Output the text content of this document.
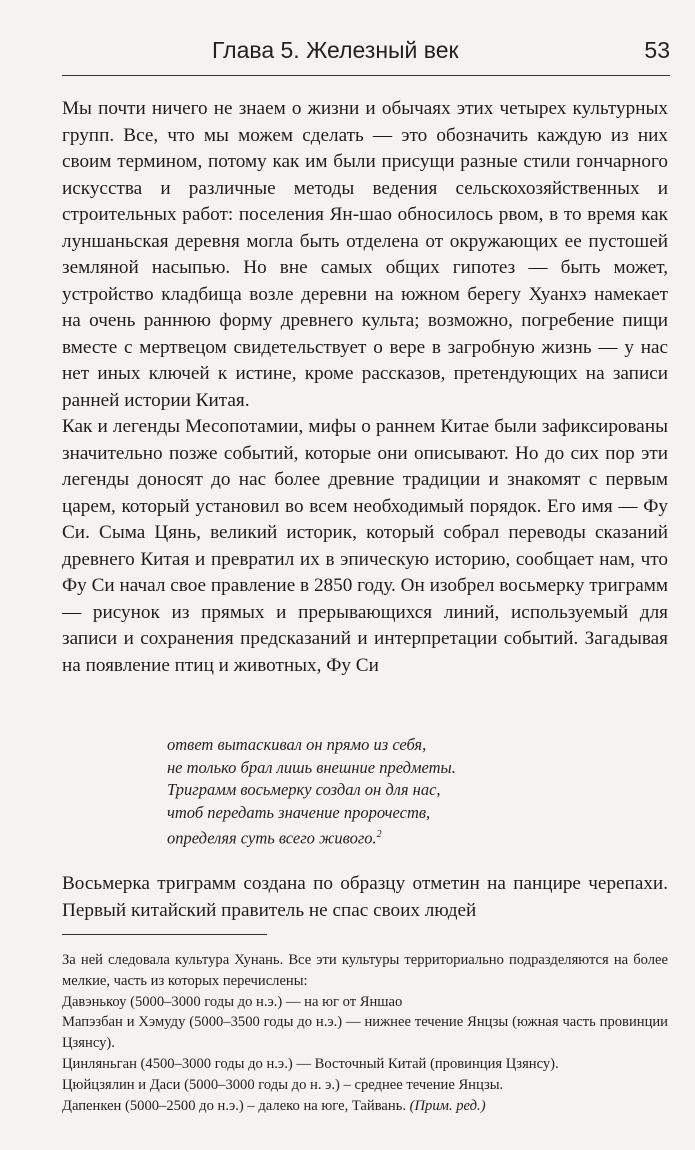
Глава 5. Железный век	53

Мы почти ничего не знаем о жизни и обычаях этих четырех культурных групп. Все, что мы можем сделать — это обозначить каждую из них своим термином, потому как им были присущи разные стили гончарного искусства и различные методы ведения сельскохозяйственных и строительных работ: поселения Ян-шао обносилось рвом, в то время как луншаньская деревня могла быть отделена от окружающих ее пустошей земляной насыпью. Но вне самых общих гипотез — быть может, устройство кладбища возле деревни на южном берегу Хуанхэ намекает на очень раннюю форму древнего культа; возможно, погребение пищи вместе с мертвецом свидетельствует о вере в загробную жизнь — у нас нет иных ключей к истине, кроме рассказов, претендующих на записи ранней истории Китая.

Как и легенды Месопотамии, мифы о раннем Китае были зафиксированы значительно позже событий, которые они описывают. Но до сих пор эти легенды доносят до нас более древние традиции и знакомят с первым царем, который установил во всем необходимый порядок. Его имя — Фу Си. Сыма Цянь, великий историк, который собрал переводы сказаний древнего Китая и превратил их в эпическую историю, сообщает нам, что Фу Си начал свое правление в 2850 году. Он изобрел восьмерку триграмм — рисунок из прямых и прерывающихся линий, используемый для записи и сохранения предсказаний и интерпретации событий. Загадывая на появление птиц и животных, Фу Си

ответ вытаскивал он прямо из себя,
не только брал лишь внешние предметы.
Триграмм восьмерку создал он для нас,
чтоб передать значение пророчеств,
определяя суть всего живого.$^2$

Восьмерка триграмм создана по образцу отметин на панцире черепахи. Первый китайский правитель не спас своих людей

За ней следовала культура Хунань. Все эти культуры территориально подразделяются на более мелкие, часть из которых перечислены:

Давэнькоу (5000–3000 годы до н.э.) — на юг от Яншао

Мапэзбан и Хэмуду (5000–3500 годы до н.э.) — нижнее течение Янцзы (южная часть провинции Цзянсу).

Цинляньган (4500–3000 годы до н.э.) — Восточный Китай (провинция Цзянсу).

Цюйцзялин и Даси (5000–3000 годы до н. э.) – среднее течение Янцзы.

Дапенкен (5000–2500 до н.э.) – далеко на юге, Тайвань. (Прим. ред.)
